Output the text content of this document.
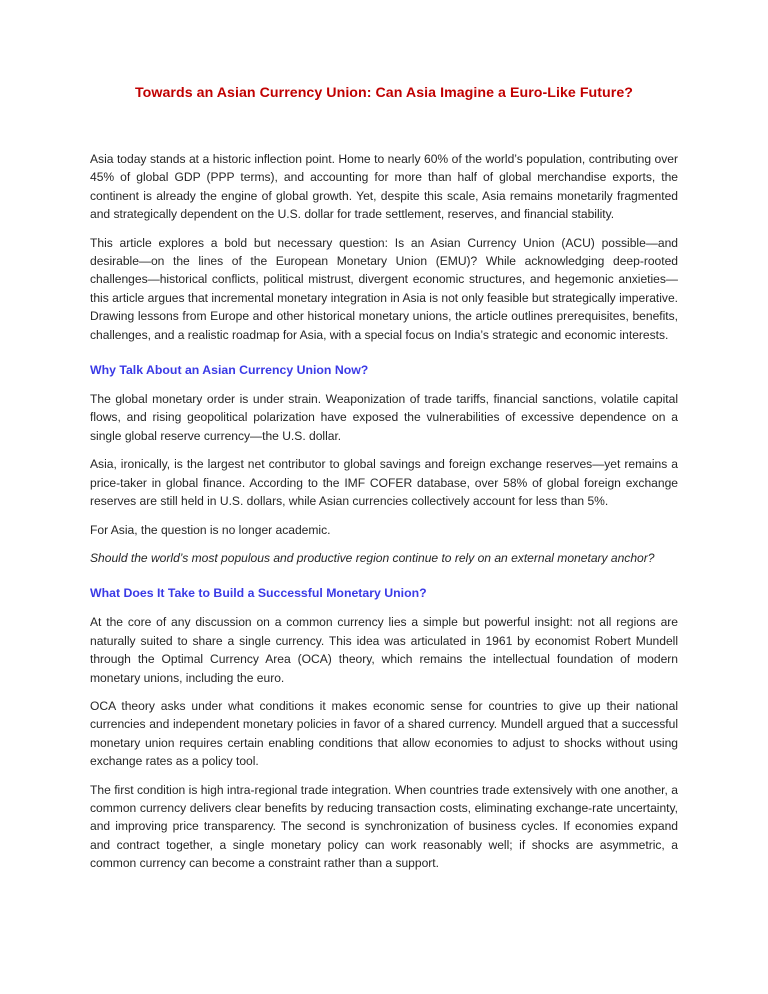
Towards an Asian Currency Union: Can Asia Imagine a Euro-Like Future?

Asia today stands at a historic inflection point. Home to nearly 60% of the world’s population, contributing over 45% of global GDP (PPP terms), and accounting for more than half of global merchandise exports, the continent is already the engine of global growth. Yet, despite this scale, Asia remains monetarily fragmented and strategically dependent on the U.S. dollar for trade settlement, reserves, and financial stability.

This article explores a bold but necessary question: Is an Asian Currency Union (ACU) possible—and desirable—on the lines of the European Monetary Union (EMU)? While acknowledging deep-rooted challenges—historical conflicts, political mistrust, divergent economic structures, and hegemonic anxieties—this article argues that incremental monetary integration in Asia is not only feasible but strategically imperative. Drawing lessons from Europe and other historical monetary unions, the article outlines prerequisites, benefits, challenges, and a realistic roadmap for Asia, with a special focus on India’s strategic and economic interests.

Why Talk About an Asian Currency Union Now?

The global monetary order is under strain. Weaponization of trade tariffs, financial sanctions, volatile capital flows, and rising geopolitical polarization have exposed the vulnerabilities of excessive dependence on a single global reserve currency—the U.S. dollar.

Asia, ironically, is the largest net contributor to global savings and foreign exchange reserves—yet remains a price-taker in global finance. According to the IMF COFER database, over 58% of global foreign exchange reserves are still held in U.S. dollars, while Asian currencies collectively account for less than 5%.

For Asia, the question is no longer academic.

Should the world’s most populous and productive region continue to rely on an external monetary anchor?

What Does It Take to Build a Successful Monetary Union?

At the core of any discussion on a common currency lies a simple but powerful insight: not all regions are naturally suited to share a single currency. This idea was articulated in 1961 by economist Robert Mundell through the Optimal Currency Area (OCA) theory, which remains the intellectual foundation of modern monetary unions, including the euro.

OCA theory asks under what conditions it makes economic sense for countries to give up their national currencies and independent monetary policies in favor of a shared currency. Mundell argued that a successful monetary union requires certain enabling conditions that allow economies to adjust to shocks without using exchange rates as a policy tool.

The first condition is high intra-regional trade integration. When countries trade extensively with one another, a common currency delivers clear benefits by reducing transaction costs, eliminating exchange-rate uncertainty, and improving price transparency. The second is synchronization of business cycles. If economies expand and contract together, a single monetary policy can work reasonably well; if shocks are asymmetric, a common currency can become a constraint rather than a support.
